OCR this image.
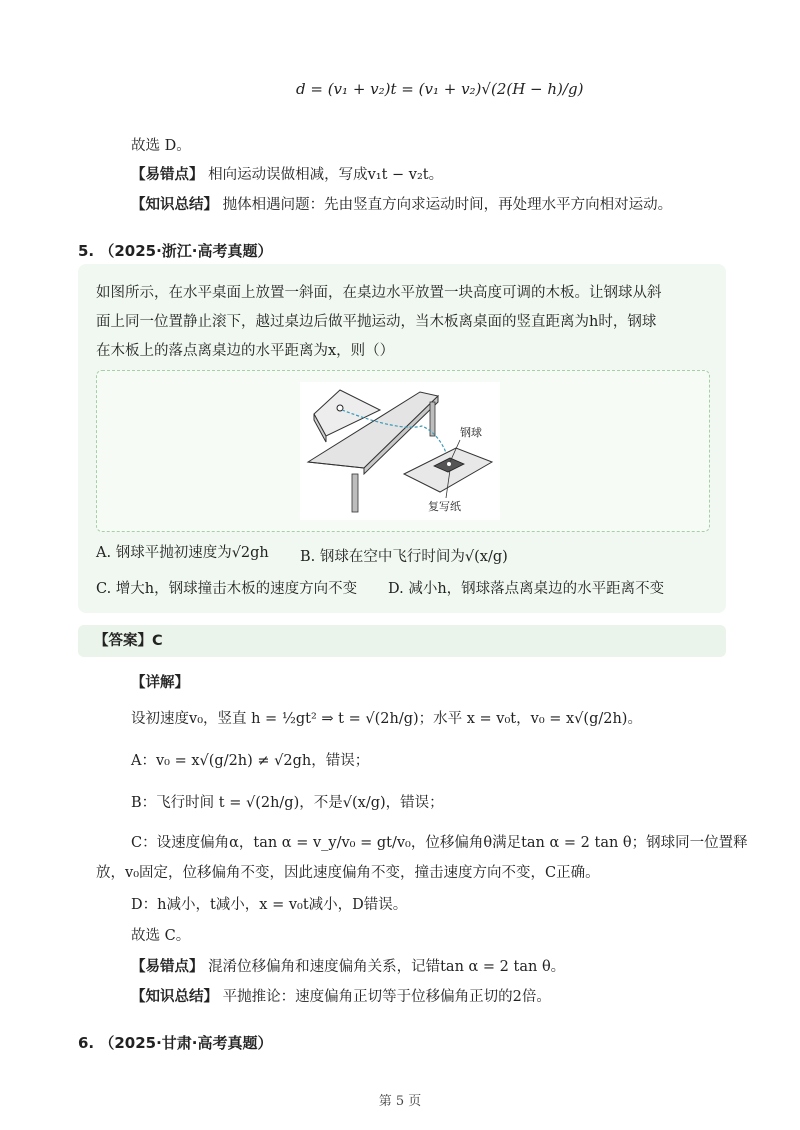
d = (v₁ + v₂)t = (v₁ + v₂)√(2(H − h)/g)
故选 D。
【易错点】 相向运动误做相减，写成v₁t − v₂t。
【知识总结】 抛体相遇问题：先由竖直方向求运动时间，再处理水平方向相对运动。
5. （2025·浙江·高考真题）
如图所示，在水平桌面上放置一斜面，在桌边水平放置一块高度可调的木板。让钢球从斜
面上同一位置静止滚下，越过桌边后做平抛运动，当木板离桌面的竖直距离为h时，钢球
在木板上的落点离桌边的水平距离为x，则（）
钢球
复写纸
A. 钢球平抛初速度为√2gh B. 钢球在空中飞行时间为√(x/g)
C. 增大h，钢球撞击木板的速度方向不变 D. 减小h，钢球落点离桌边的水平距离不变
【答案】C
【详解】
设初速度v₀，竖直 h = ½gt² ⇒ t = √(2h/g)；水平 x = v₀t，v₀ = x√(g/2h)。
A：v₀ = x√(g/2h) ≠ √2gh，错误；
B：飞行时间 t = √(2h/g)，不是√(x/g)，错误；
C：设速度偏角α，tan α = v_y/v₀ = gt/v₀，位移偏角θ满足tan α = 2 tan θ；钢球同一位置释
放，v₀固定，位移偏角不变，因此速度偏角不变，撞击速度方向不变，C正确。
D：h减小，t减小，x = v₀t减小，D错误。
故选 C。
【易错点】 混淆位移偏角和速度偏角关系，记错tan α = 2 tan θ。
【知识总结】 平抛推论：速度偏角正切等于位移偏角正切的2倍。
6. （2025·甘肃·高考真题）
第 5 页
